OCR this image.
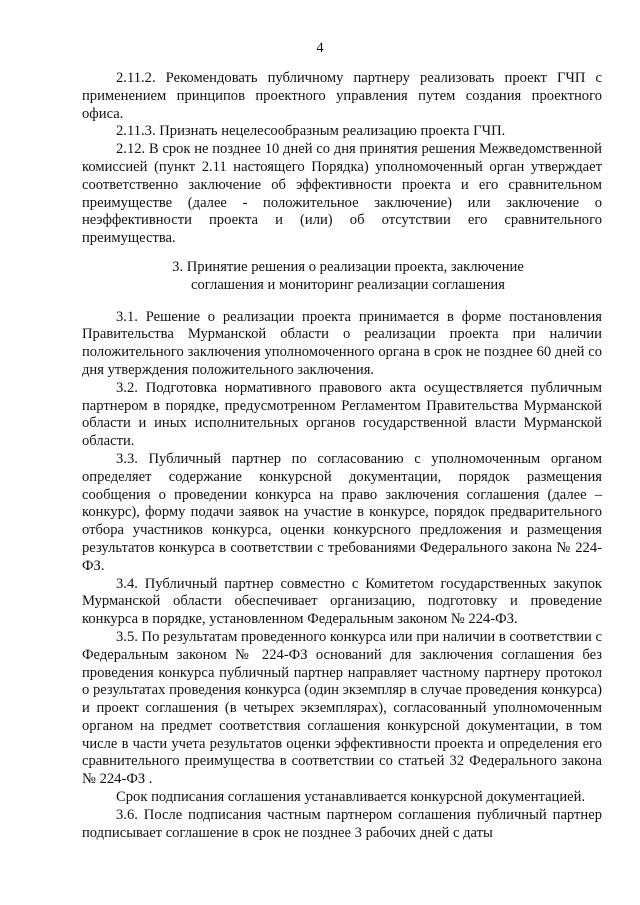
4

2.11.2. Рекомендовать публичному партнеру реализовать проект ГЧП с применением принципов проектного управления путем создания проектного офиса.

2.11.3. Признать нецелесообразным реализацию проекта ГЧП.

2.12. В срок не позднее 10 дней со дня принятия решения Межведомственной комиссией (пункт 2.11 настоящего Порядка) уполномоченный орган утверждает соответственно заключение об эффективности проекта и его сравнительном преимуществе (далее - положительное заключение) или заключение о неэффективности проекта и (или) об отсутствии его сравнительного преимущества.

3. Принятие решения о реализации проекта, заключение
соглашения и мониторинг реализации соглашения

3.1. Решение о реализации проекта принимается в форме постановления Правительства Мурманской области о реализации проекта при наличии положительного заключения уполномоченного органа в срок не позднее 60 дней со дня утверждения положительного заключения.

3.2. Подготовка нормативного правового акта осуществляется публичным партнером в порядке, предусмотренном Регламентом Правительства Мурманской области и иных исполнительных органов государственной власти Мурманской области.

3.3. Публичный партнер по согласованию с уполномоченным органом определяет содержание конкурсной документации, порядок размещения сообщения о проведении конкурса на право заключения соглашения (далее – конкурс), форму подачи заявок на участие в конкурсе, порядок предварительного отбора участников конкурса, оценки конкурсного предложения и размещения результатов конкурса в соответствии с требованиями Федерального закона № 224-ФЗ.

3.4. Публичный партнер совместно с Комитетом государственных закупок Мурманской области обеспечивает организацию, подготовку и проведение конкурса в порядке, установленном Федеральным законом № 224-ФЗ.

3.5. По результатам проведенного конкурса или при наличии в соответствии с Федеральным законом № 224-ФЗ оснований для заключения соглашения без проведения конкурса публичный партнер направляет частному партнеру протокол о результатах проведения конкурса (один экземпляр в случае проведения конкурса) и проект соглашения (в четырех экземплярах), согласованный уполномоченным органом на предмет соответствия соглашения конкурсной документации, в том числе в части учета результатов оценки эффективности проекта и определения его сравнительного преимущества в соответствии со статьей 32 Федерального закона № 224-ФЗ .

Срок подписания соглашения устанавливается конкурсной документацией.

3.6. После подписания частным партнером соглашения публичный партнер подписывает соглашение в срок не позднее 3 рабочих дней с даты
